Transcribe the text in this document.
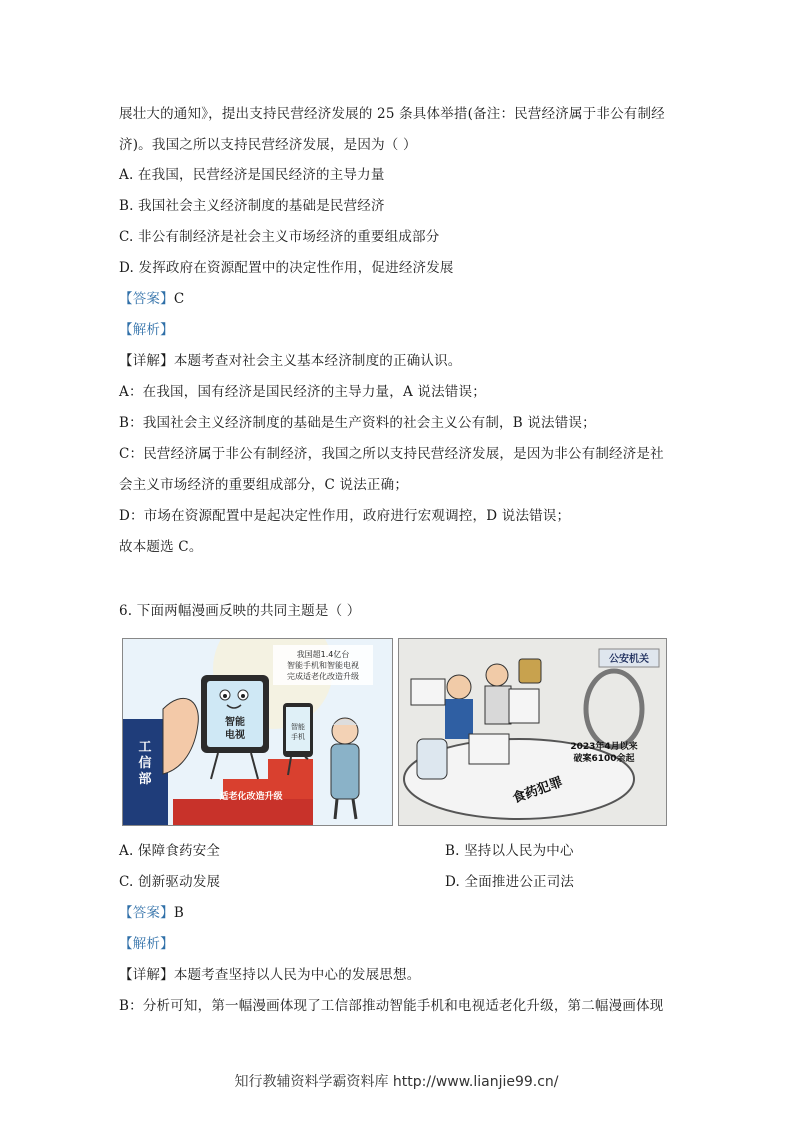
展壮大的通知》，提出支持民营经济发展的 25 条具体举措(备注：民营经济属于非公有制经
济)。我国之所以支持民营经济发展，是因为（ ）
A. 在我国，民营经济是国民经济的主导力量
B. 我国社会主义经济制度的基础是民营经济
C. 非公有制经济是社会主义市场经济的重要组成部分
D. 发挥政府在资源配置中的决定性作用，促进经济发展
【答案】C
【解析】
【详解】本题考查对社会主义基本经济制度的正确认识。
A：在我国，国有经济是国民经济的主导力量，A 说法错误；
B：我国社会主义经济制度的基础是生产资料的社会主义公有制，B 说法错误；
C：民营经济属于非公有制经济，我国之所以支持民营经济发展，是因为非公有制经济是社
会主义市场经济的重要组成部分，C 说法正确；
D：市场在资源配置中是起决定性作用，政府进行宏观调控，D 说法错误；
故本题选 C。
6. 下面两幅漫画反映的共同主题是（ ）
我国超1.4亿台
智能手机和智能电视
完成适老化改造升级
工
信
部
智能
电视
智能
手机
适老化改造升级
公安机关
食药犯罪
2023年4月以来
破案6100余起
A. 保障食药安全	B. 坚持以人民为中心
C. 创新驱动发展	D. 全面推进公正司法
【答案】B
【解析】
【详解】本题考查坚持以人民为中心的发展思想。
B：分析可知，第一幅漫画体现了工信部推动智能手机和电视适老化升级，第二幅漫画体现
知行教辅资料学霸资料库 http://www.lianjie99.cn/
